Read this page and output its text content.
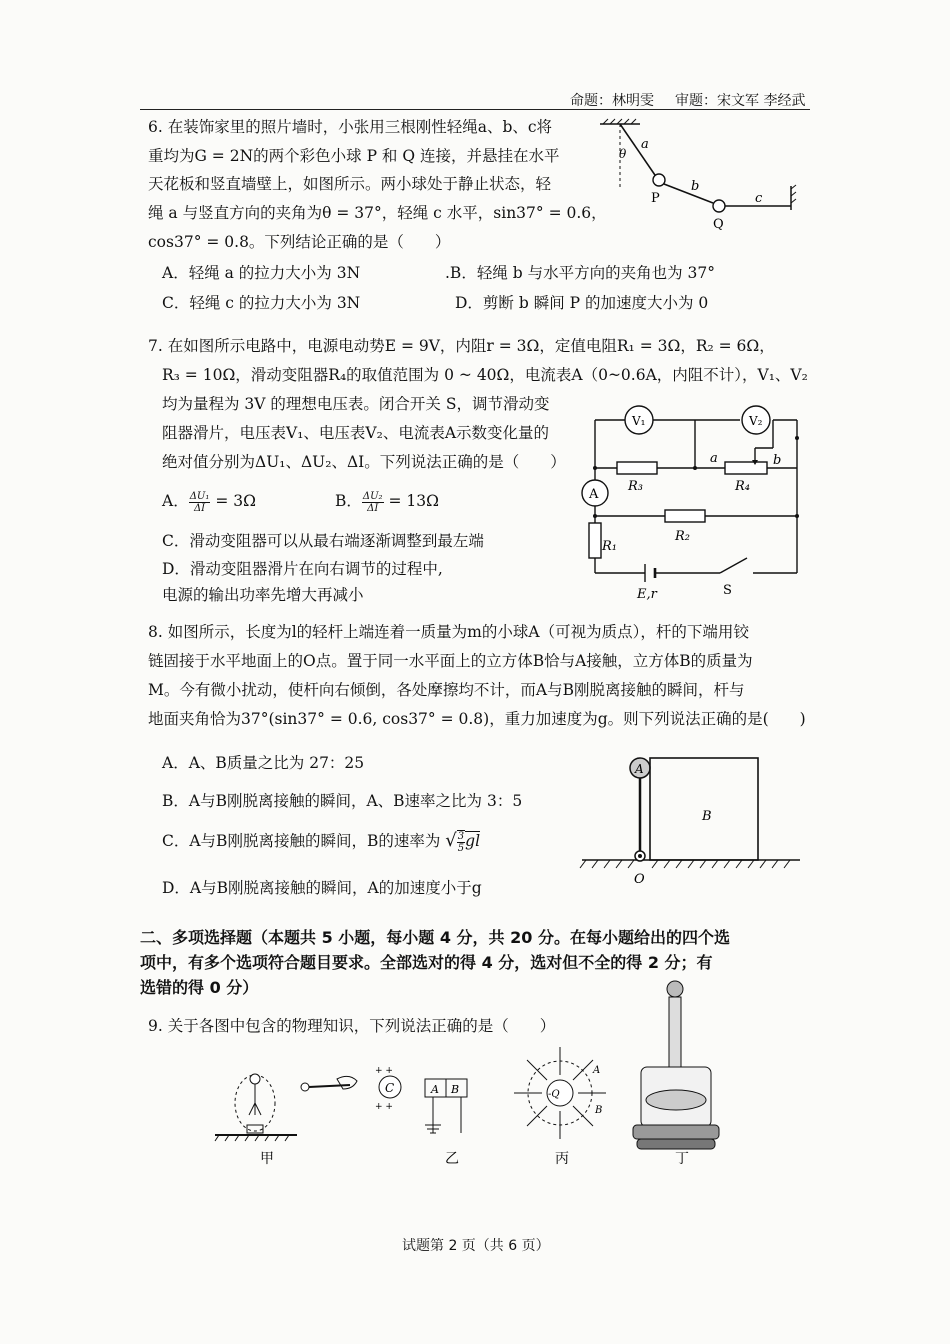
命题：林明雯 审题：宋文军 李经武
6. 在装饰家里的照片墙时，小张用三根刚性轻绳a、b、c将
重均为G = 2N的两个彩色小球 P 和 Q 连接，并悬挂在水平
天花板和竖直墙壁上，如图所示。两小球处于静止状态，轻
绳 a 与竖直方向的夹角为θ = 37°，轻绳 c 水平，sin37° = 0.6，
cos37° = 0.8。下列结论正确的是（　　）
A．轻绳 a 的拉力大小为 3N	.B．轻绳 b 与水平方向的夹角也为 37°
C．轻绳 c 的拉力大小为 3N	D．剪断 b 瞬间 P 的加速度大小为 0
θ
a
b
c
P
Q
7. 在如图所示电路中，电源电动势E = 9V，内阻r = 3Ω，定值电阻R₁ = 3Ω，R₂ = 6Ω，
R₃ = 10Ω，滑动变阻器R₄的取值范围为 0 ~ 40Ω，电流表A（0~0.6A，内阻不计），V₁、V₂
均为量程为 3V 的理想电压表。闭合开关 S，调节滑动变
阻器滑片，电压表V₁、电压表V₂、电流表A示数变化量的
绝对值分别为ΔU₁、ΔU₂、ΔI。下列说法正确的是（　　）
A． $\frac{\text{ΔU₁}}{\Delta I} = 3\Omega$	B． $\frac{\text{ΔU₂}}{\Delta I} = 13\Omega$
C．滑动变阻器可以从最右端逐渐调整到最左端
D．滑动变阻器滑片在向右调节的过程中,
电源的输出功率先增大再减小
V₁	V₂
A
R₃	R₄
R₂
R₁
a	b
E,r	S
8. 如图所示，长度为l的轻杆上端连着一质量为m的小球A（可视为质点），杆的下端用铰
链固接于水平地面上的O点。置于同一水平面上的立方体B恰与A接触，立方体B的质量为
M。今有微小扰动，使杆向右倾倒，各处摩擦均不计，而A与B刚脱离接触的瞬间，杆与
地面夹角恰为37°(sin37° = 0.6, cos37° = 0.8)，重力加速度为g。则下列说法正确的是(　　)
A．A、B质量之比为 27：25
B．A与B刚脱离接触的瞬间，A、B速率之比为 3：5
C．A与B刚脱离接触的瞬间，B的速率为 √ $\frac{3}{5}$ gl
D．A与B刚脱离接触的瞬间，A的加速度小于g
A
B
O
二、多项选择题（本题共 5 小题，每小题 4 分，共 20 分。在每小题给出的四个选
项中，有多个选项符合题目要求。全部选对的得 4 分，选对但不全的得 2 分；有
选错的得 0 分）
9. 关于各图中包含的物理知识，下列说法正确的是（　　）
甲
C
+ +
+ +
A B
乙
-Q
A
B
丙	丁
试题第 2 页（共 6 页）
